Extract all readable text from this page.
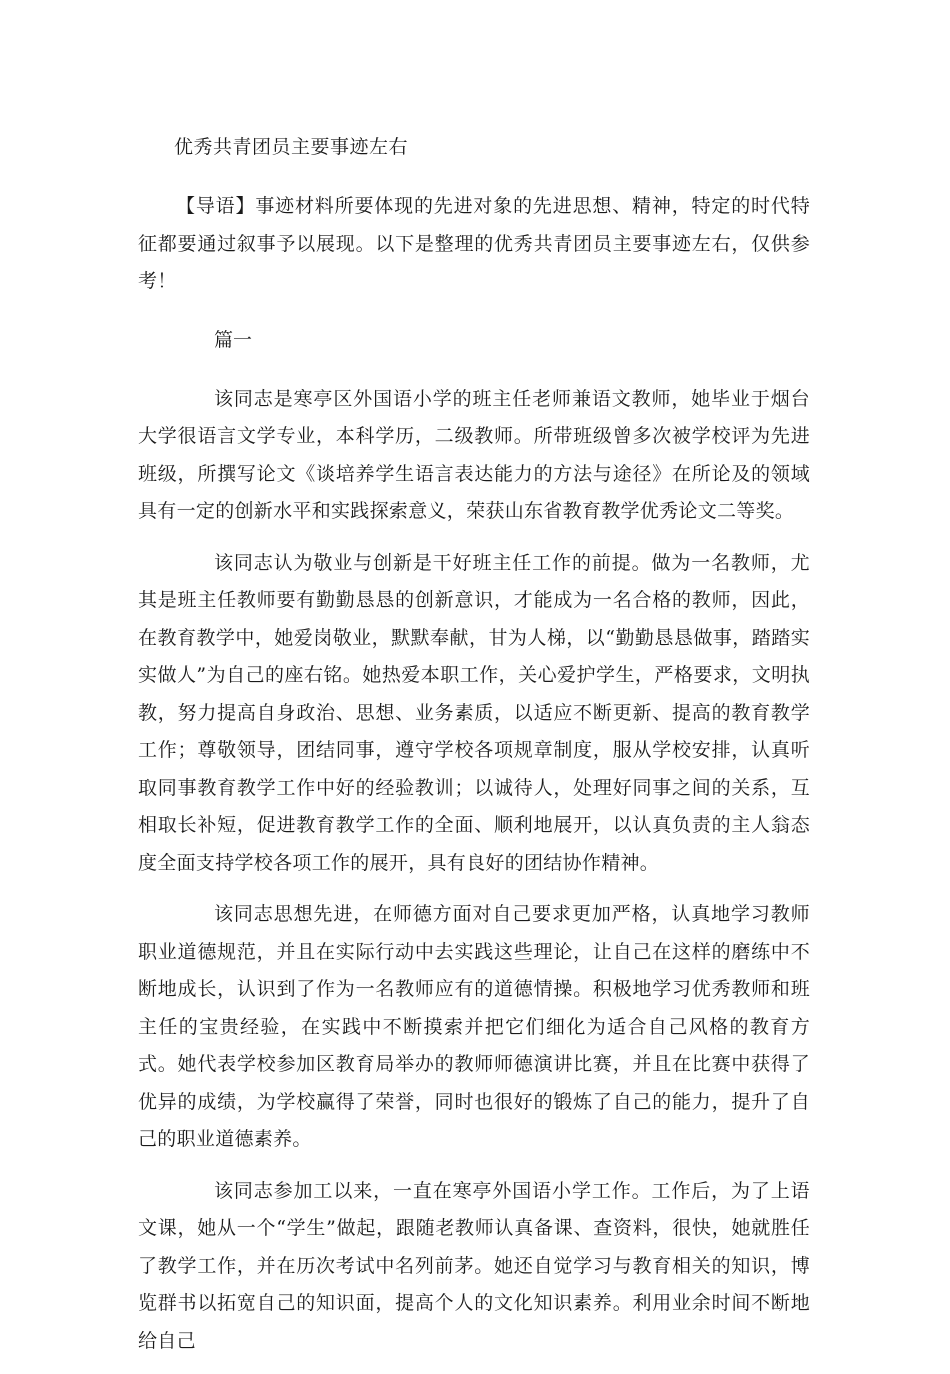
优秀共青团员主要事迹左右

【导语】事迹材料所要体现的先进对象的先进思想、精神，特定的时代特征都要通过叙事予以展现。以下是整理的优秀共青团员主要事迹左右，仅供参考！

篇一

该同志是寒亭区外国语小学的班主任老师兼语文教师，她毕业于烟台大学很语言文学专业，本科学历，二级教师。所带班级曾多次被学校评为先进班级，所撰写论文《谈培养学生语言表达能力的方法与途径》在所论及的领域具有一定的创新水平和实践探索意义，荣获山东省教育教学优秀论文二等奖。

该同志认为敬业与创新是干好班主任工作的前提。做为一名教师，尤其是班主任教师要有勤勤恳恳的创新意识，才能成为一名合格的教师，因此，在教育教学中，她爱岗敬业，默默奉献，甘为人梯，以“勤勤恳恳做事，踏踏实实做人”为自己的座右铭。她热爱本职工作，关心爱护学生，严格要求，文明执教，努力提高自身政治、思想、业务素质，以适应不断更新、提高的教育教学工作；尊敬领导，团结同事，遵守学校各项规章制度，服从学校安排，认真听取同事教育教学工作中好的经验教训；以诚待人，处理好同事之间的关系，互相取长补短，促进教育教学工作的全面、顺利地展开，以认真负责的主人翁态度全面支持学校各项工作的展开，具有良好的团结协作精神。

该同志思想先进，在师德方面对自己要求更加严格，认真地学习教师职业道德规范，并且在实际行动中去实践这些理论，让自己在这样的磨练中不断地成长，认识到了作为一名教师应有的道德情操。积极地学习优秀教师和班主任的宝贵经验，在实践中不断摸索并把它们细化为适合自己风格的教育方式。她代表学校参加区教育局举办的教师师德演讲比赛，并且在比赛中获得了优异的成绩，为学校赢得了荣誉，同时也很好的锻炼了自己的能力，提升了自己的职业道德素养。

该同志参加工以来，一直在寒亭外国语小学工作。工作后，为了上语文课，她从一个“学生”做起，跟随老教师认真备课、查资料，很快，她就胜任了教学工作，并在历次考试中名列前茅。她还自觉学习与教育相关的知识，博览群书以拓宽自己的知识面，提高个人的文化知识素养。利用业余时间不断地给自己
